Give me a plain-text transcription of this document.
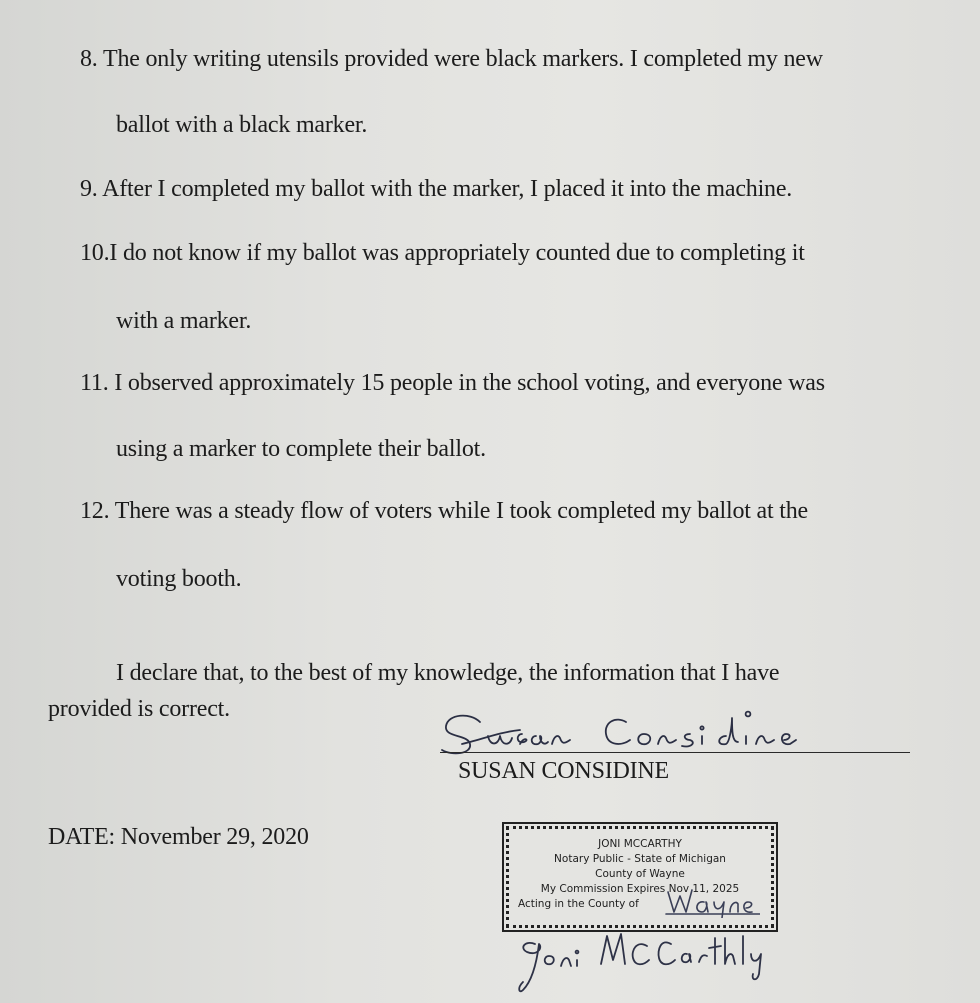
8. The only writing utensils provided were black markers. I completed my new
ballot with a black marker.
9. After I completed my ballot with the marker, I placed it into the machine.
10.I do not know if my ballot was appropriately counted due to completing it
with a marker.
11. I observed approximately 15 people in the school voting, and everyone was
using a marker to complete their ballot.
12. There was a steady flow of voters while I took completed my ballot at the
voting booth.
I declare that, to the best of my knowledge, the information that I have
provided is correct.
SUSAN CONSIDINE
DATE: November 29, 2020	JONI MCCARTHY
Notary Public - State of Michigan
County of Wayne
My Commission Expires Nov 11, 2025
Acting in the County of
